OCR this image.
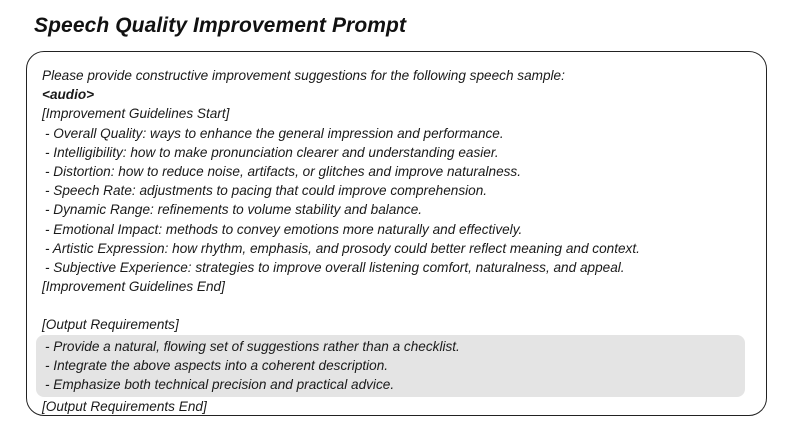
Speech Quality Improvement Prompt
Please provide constructive improvement suggestions for the following speech sample:
<audio>
[Improvement Guidelines Start]
- Overall Quality: ways to enhance the general impression and performance.
- Intelligibility: how to make pronunciation clearer and understanding easier.
- Distortion: how to reduce noise, artifacts, or glitches and improve naturalness.
- Speech Rate: adjustments to pacing that could improve comprehension.
- Dynamic Range: refinements to volume stability and balance.
- Emotional Impact: methods to convey emotions more naturally and effectively.
- Artistic Expression: how rhythm, emphasis, and prosody could better reflect meaning and context.
- Subjective Experience: strategies to improve overall listening comfort, naturalness, and appeal.
[Improvement Guidelines End]
[Output Requirements]
- Provide a natural, flowing set of suggestions rather than a checklist.
- Integrate the above aspects into a coherent description.
- Emphasize both technical precision and practical advice.
[Output Requirements End]
